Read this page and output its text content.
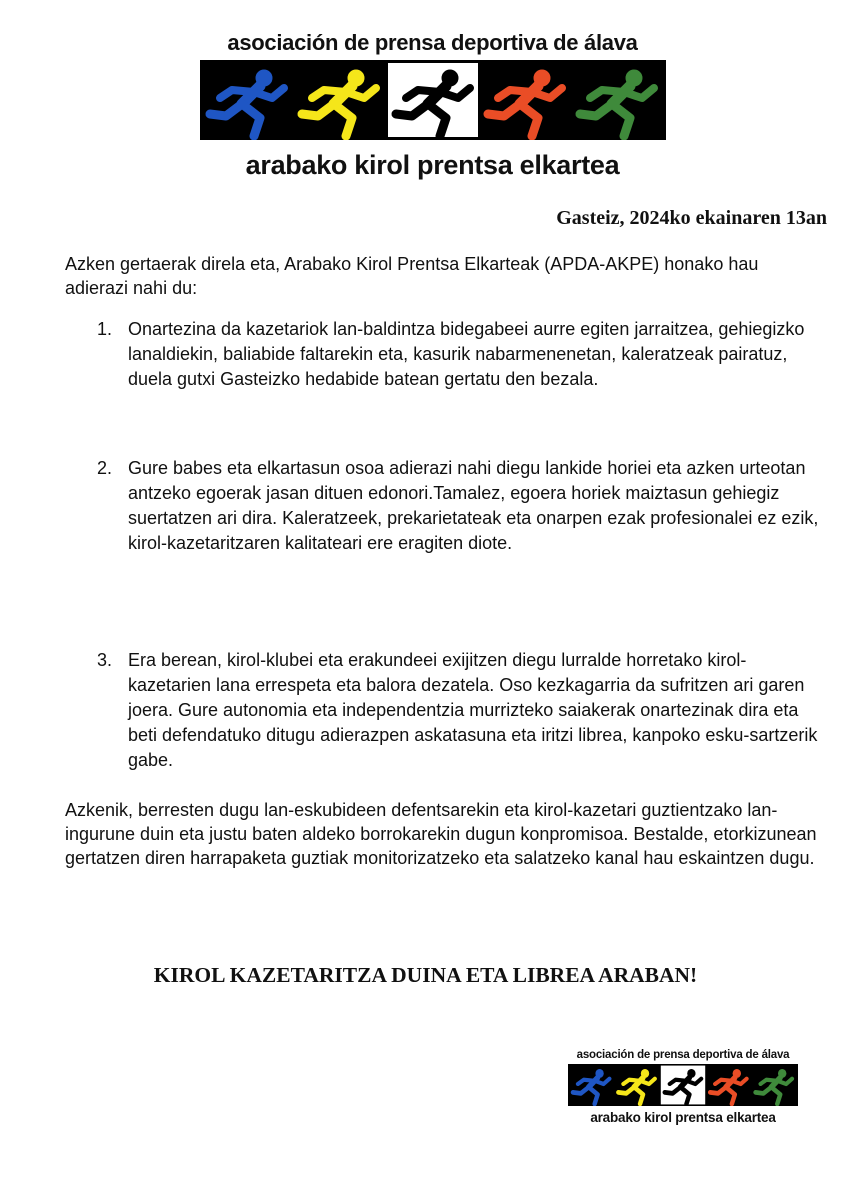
asociación de prensa deportiva de álava
arabako kirol prentsa elkartea
Gasteiz, 2024ko ekainaren 13an

Azken gertaerak direla eta, Arabako Kirol Prentsa Elkarteak (APDA-AKPE) honako hau adierazi nahi du:

1. Onartezina da kazetariok lan-baldintza bidegabeei aurre egiten jarraitzea, gehiegizko lanaldiekin, baliabide faltarekin eta, kasurik nabarmenenetan, kaleratzeak pairatuz, duela gutxi Gasteizko hedabide batean gertatu den bezala.

2. Gure babes eta elkartasun osoa adierazi nahi diegu lankide horiei eta azken urteotan antzeko egoerak jasan dituen edonori.Tamalez, egoera horiek maiztasun gehiegiz suertatzen ari dira. Kaleratzeek, prekarietateak eta onarpen ezak profesionalei ez ezik, kirol-kazetaritzaren kalitateari ere eragiten diote.

3. Era berean, kirol-klubei eta erakundeei exijitzen diegu lurralde horretako kirol-kazetarien lana errespeta eta balora dezatela. Oso kezkagarria da sufritzen ari garen joera. Gure autonomia eta independentzia murrizteko saiakerak onartezinak dira eta beti defendatuko ditugu adierazpen askatasuna eta iritzi librea, kanpoko esku-sartzerik gabe.

Azkenik, berresten dugu lan-eskubideen defentsarekin eta kirol-kazetari guztientzako lan-ingurune duin eta justu baten aldeko borrokarekin dugun konpromisoa. Bestalde, etorkizunean gertatzen diren harrapaketa guztiak monitorizatzeko eta salatzeko kanal hau eskaintzen dugu.

KIROL KAZETARITZA DUINA ETA LIBREA ARABAN!
asociación de prensa deportiva de álava
arabako kirol prentsa elkartea
